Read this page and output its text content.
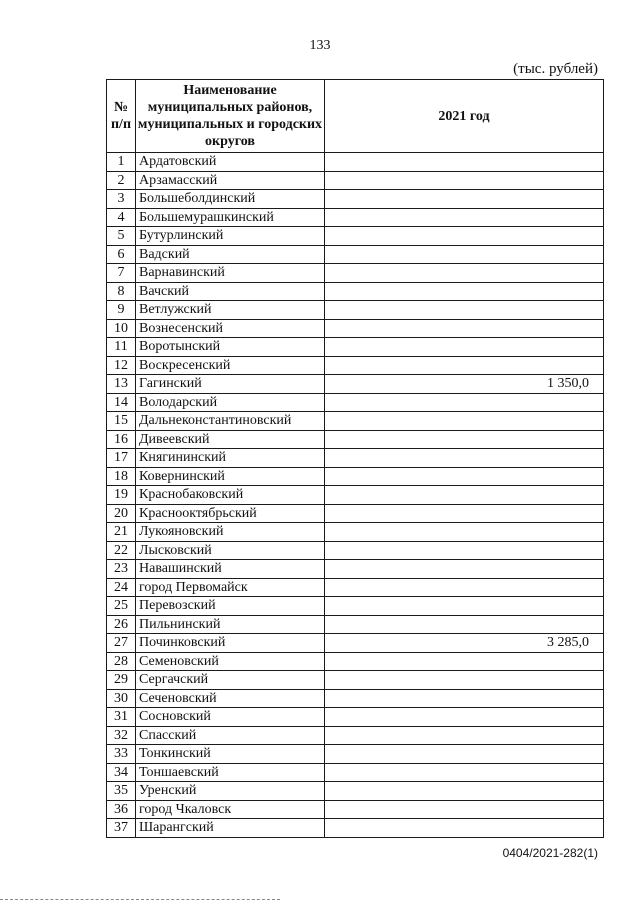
133
(тыс. рублей)
№ п/п	Наименование муниципальных районов, муниципальных и городских округов	2021 год
1	Ардатовский	
2	Арзамасский	
3	Большеболдинский	
4	Большемурашкинский	
5	Бутурлинский	
6	Вадский	
7	Варнавинский	
8	Вачский	
9	Ветлужский	
10	Вознесенский	
11	Воротынский	
12	Воскресенский	
13	Гагинский	1 350,0
14	Володарский	
15	Дальнеконстантиновский	
16	Дивеевский	
17	Княгининский	
18	Ковернинский	
19	Краснобаковский	
20	Краснооктябрьский	
21	Лукояновский	
22	Лысковский	
23	Навашинский	
24	город Первомайск	
25	Перевозский	
26	Пильнинский	
27	Починковский	3 285,0
28	Семеновский	
29	Сергачский	
30	Сеченовский	
31	Сосновский	
32	Спасский	
33	Тонкинский	
34	Тоншаевский	
35	Уренский	
36	город Чкаловск	
37	Шарангский	
0404/2021-282(1)
